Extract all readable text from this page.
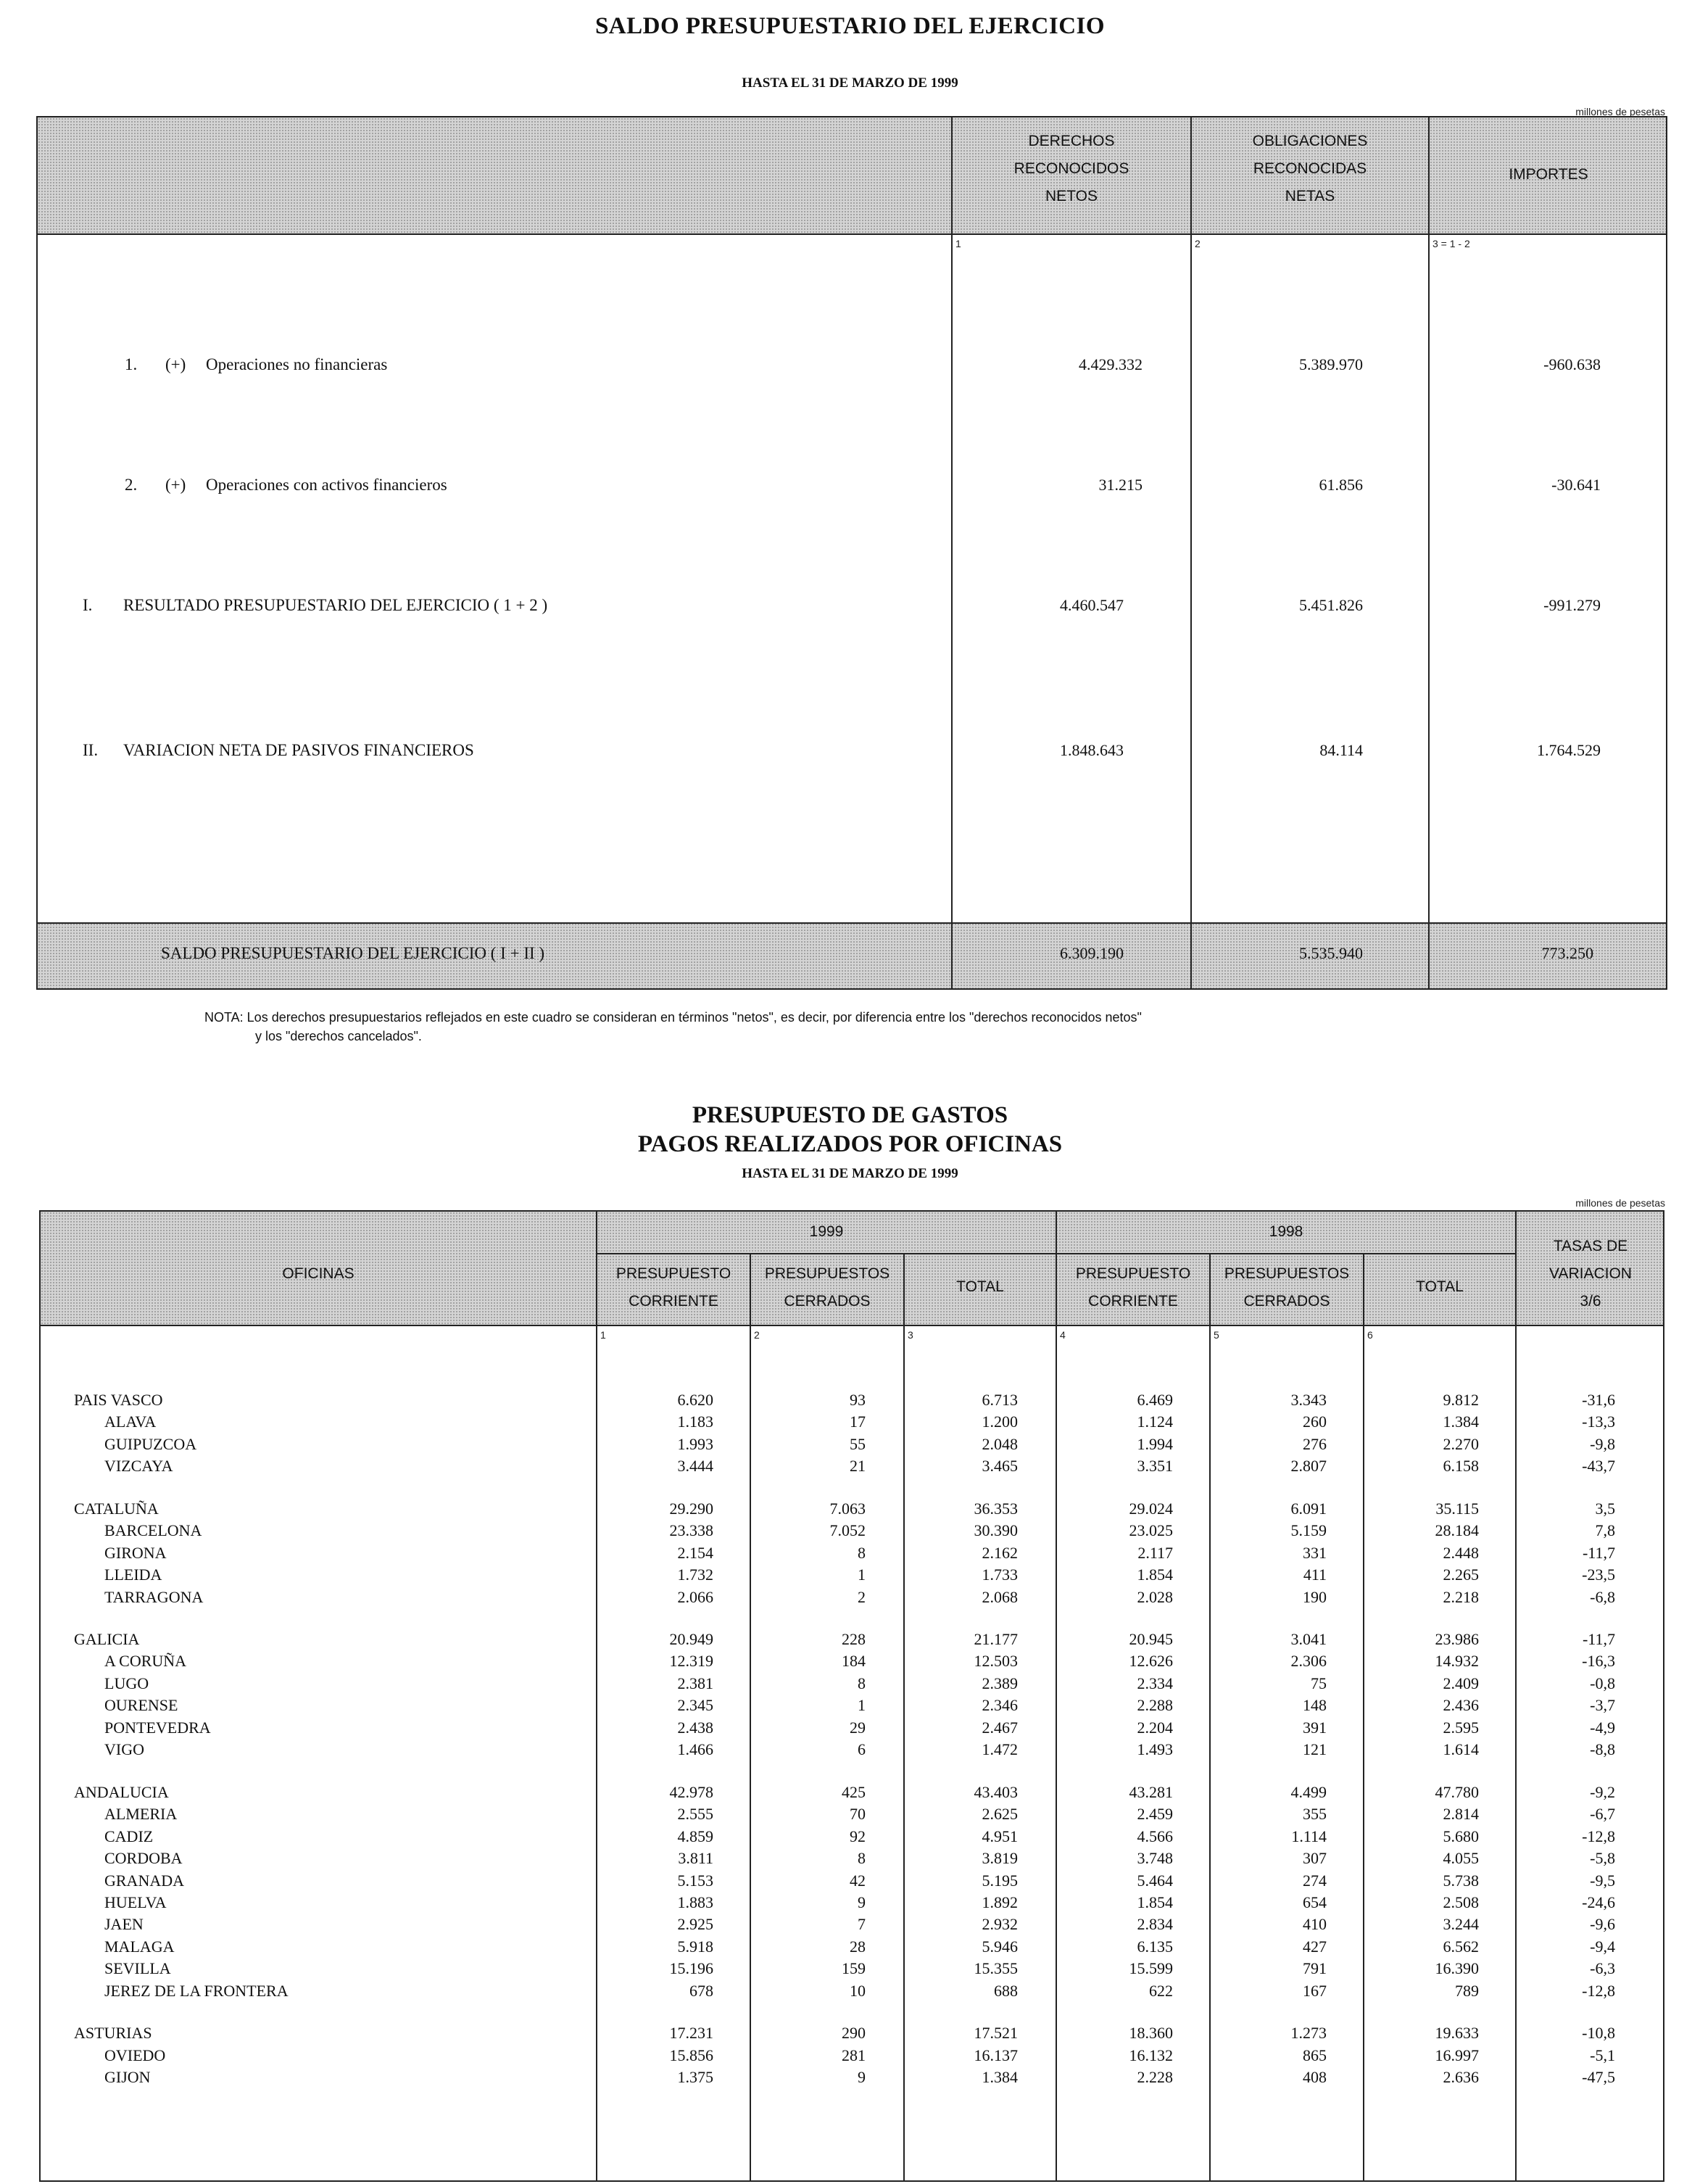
SALDO PRESUPUESTARIO DEL EJERCICIO
HASTA EL 31 DE MARZO DE 1999
millones de pesetas
DERECHOS
RECONOCIDOS
NETOS
OBLIGACIONES
RECONOCIDAS
NETAS
IMPORTES
1	2	3 = 1 - 2
1. (+) Operaciones no financieras	4.429.332	5.389.970	-960.638
2. (+) Operaciones con activos financieros	31.215	61.856	-30.641
I. RESULTADO PRESUPUESTARIO DEL EJERCICIO ( 1 + 2 )	4.460.547	5.451.826	-991.279
II. VARIACION NETA DE PASIVOS FINANCIEROS	1.848.643	84.114	1.764.529
SALDO PRESUPUESTARIO DEL EJERCICIO ( I + II )	6.309.190	5.535.940	773.250
NOTA: Los derechos presupuestarios reflejados en este cuadro se consideran en términos "netos", es decir, por diferencia entre los "derechos reconocidos netos"
y los "derechos cancelados".
PRESUPUESTO DE GASTOS
PAGOS REALIZADOS POR OFICINAS
HASTA EL 31 DE MARZO DE 1999
millones de pesetas
OFICINAS
1999	1998
PRESUPUESTO
CORRIENTE
PRESUPUESTOS
CERRADOS
TOTAL
PRESUPUESTO
CORRIENTE
PRESUPUESTOS
CERRADOS
TOTAL
TASAS DE
VARIACION
3/6
1	2	3	4	5	6
PAIS VASCO	6.620	93	6.713	6.469	3.343	9.812	-31,6
ALAVA	1.183	17	1.200	1.124	260	1.384	-13,3
GUIPUZCOA	1.993	55	2.048	1.994	276	2.270	-9,8
VIZCAYA	3.444	21	3.465	3.351	2.807	6.158	-43,7
CATALUÑA	29.290	7.063	36.353	29.024	6.091	35.115	3,5
BARCELONA	23.338	7.052	30.390	23.025	5.159	28.184	7,8
GIRONA	2.154	8	2.162	2.117	331	2.448	-11,7
LLEIDA	1.732	1	1.733	1.854	411	2.265	-23,5
TARRAGONA	2.066	2	2.068	2.028	190	2.218	-6,8
GALICIA	20.949	228	21.177	20.945	3.041	23.986	-11,7
A CORUÑA	12.319	184	12.503	12.626	2.306	14.932	-16,3
LUGO	2.381	8	2.389	2.334	75	2.409	-0,8
OURENSE	2.345	1	2.346	2.288	148	2.436	-3,7
PONTEVEDRA	2.438	29	2.467	2.204	391	2.595	-4,9
VIGO	1.466	6	1.472	1.493	121	1.614	-8,8
ANDALUCIA	42.978	425	43.403	43.281	4.499	47.780	-9,2
ALMERIA	2.555	70	2.625	2.459	355	2.814	-6,7
CADIZ	4.859	92	4.951	4.566	1.114	5.680	-12,8
CORDOBA	3.811	8	3.819	3.748	307	4.055	-5,8
GRANADA	5.153	42	5.195	5.464	274	5.738	-9,5
HUELVA	1.883	9	1.892	1.854	654	2.508	-24,6
JAEN	2.925	7	2.932	2.834	410	3.244	-9,6
MALAGA	5.918	28	5.946	6.135	427	6.562	-9,4
SEVILLA	15.196	159	15.355	15.599	791	16.390	-6,3
JEREZ DE LA FRONTERA	678	10	688	622	167	789	-12,8
ASTURIAS	17.231	290	17.521	18.360	1.273	19.633	-10,8
OVIEDO	15.856	281	16.137	16.132	865	16.997	-5,1
GIJON	1.375	9	1.384	2.228	408	2.636	-47,5
